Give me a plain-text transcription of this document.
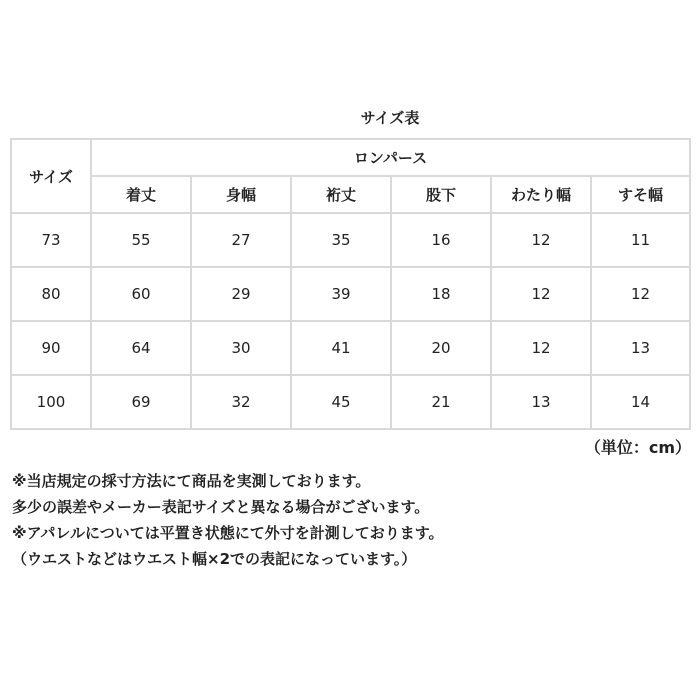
サイズ表
サイズ	ロンパース					
	着丈	身幅	裄丈	股下	わたり幅	すそ幅
73	55	27	35	16	12	11
80	60	29	39	18	12	12
90	64	30	41	20	12	13
100	69	32	45	21	13	14
（単位：cm）
※当店規定の採寸方法にて商品を実測しております。
多少の誤差やメーカー表記サイズと異なる場合がございます。
※アパレルについては平置き状態にて外寸を計測しております。
（ウエストなどはウエスト幅×2での表記になっています。）
